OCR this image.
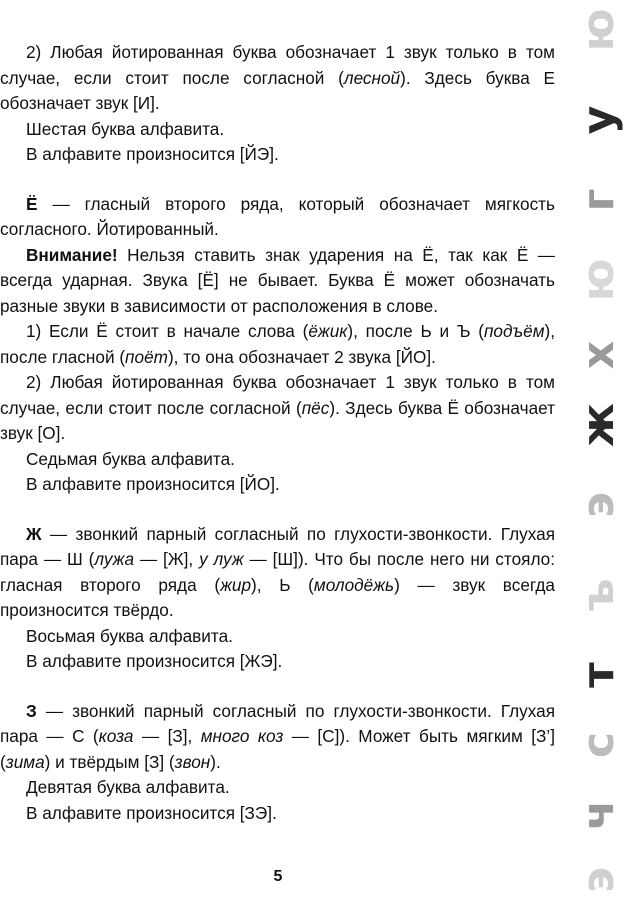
2) Любая йотированная буква обозначает 1 звук только в том случае, если стоит после согласной (лесной). Здесь буква Е обозначает звук [И].

Шестая буква алфавита.

В алфавите произносится [ЙЭ].

Ё — гласный второго ряда, который обозначает мягкость согласного. Йотированный.

Внимание! Нельзя ставить знак ударения на Ё, так как Ё — всегда ударная. Звука [Ё] не бывает. Буква Ё может обозначать разные звуки в зависимости от расположения в слове.

1) Если Ё стоит в начале слова (ёжик), после Ь и Ъ (подъём), после гласной (поёт), то она обозначает 2 звука [ЙО].

2) Любая йотированная буква обозначает 1 звук только в том случае, если стоит после согласной (пёс). Здесь буква Ё обозначает звук [О].

Седьмая буква алфавита.

В алфавите произносится [ЙО].

Ж — звонкий парный согласный по глухости-звонкости. Глухая пара — Ш (лужа — [Ж], у луж — [Ш]). Что бы после него ни стояло: гласная второго ряда (жир), Ь (молодёжь) — звук всегда произносится твёрдо.

Восьмая буква алфавита.

В алфавите произносится [ЖЭ].

З — звонкий парный согласный по глухости-звонкости. Глухая пара — С (коза — [З], много коз — [С]). Может быть мягким [З’] (зима) и твёрдым [З] (звон).

Девятая буква алфавита.

В алфавите произносится [ЗЭ].

5
ю
у
г
ю
х
ж
э
ъ
т
с
ч
э
